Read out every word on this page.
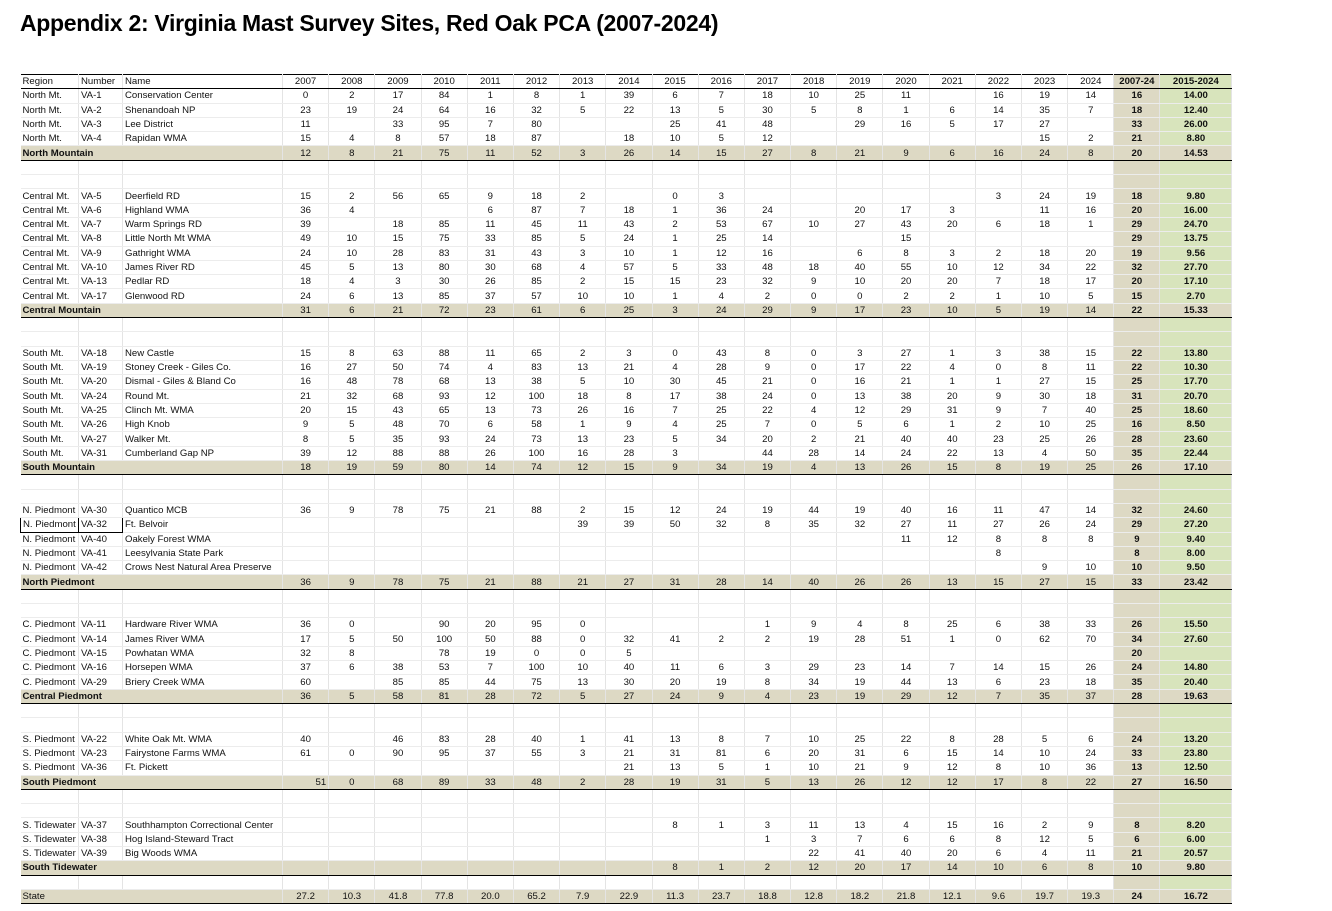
Appendix 2: Virginia Mast Survey Sites, Red Oak PCA (2007-2024)
Region	Number	Name	2007	2008	2009	2010	2011	2012	2013	2014	2015	2016	2017	2018	2019	2020	2021	2022	2023	2024	2007-24	2015-2024
North Mt.	VA-1	Conservation Center	0	2	17	84	1	8	1	39	6	7	18	10	25	11		16	19	14	16	14.00
North Mt.	VA-2	Shenandoah NP	23	19	24	64	16	32	5	22	13	5	30	5	8	1	6	14	35	7	18	12.40
North Mt.	VA-3	Lee District	11		33	95	7	80			25	41	48		29	16	5	17	27		33	26.00
North Mt.	VA-4	Rapidan WMA	15	4	8	57	18	87		18	10	5	12						15	2	21	8.80
North Mountain			12	8	21	75	11	52	3	26	14	15	27	8	21	9	6	16	24	8	20	14.53

Central Mt.	VA-5	Deerfield RD	15	2	56	65	9	18	2		0	3						3	24	19	18	9.80
Central Mt.	VA-6	Highland WMA	36	4			6	87	7	18	1	36	24		20	17	3		11	16	20	16.00
Central Mt.	VA-7	Warm Springs RD	39		18	85	11	45	11	43	2	53	67	10	27	43	20	6	18	1	29	24.70
Central Mt.	VA-8	Little North Mt WMA	49	10	15	75	33	85	5	24	1	25	14			15					29	13.75
Central Mt.	VA-9	Gathright WMA	24	10	28	83	31	43	3	10	1	12	16		6	8	3	2	18	20	19	9.56
Central Mt.	VA-10	James River RD	45	5	13	80	30	68	4	57	5	33	48	18	40	55	10	12	34	22	32	27.70
Central Mt.	VA-13	Pedlar RD	18	4	3	30	26	85	2	15	15	23	32	9	10	20	20	7	18	17	20	17.10
Central Mt.	VA-17	Glenwood RD	24	6	13	85	37	57	10	10	1	4	2	0	0	2	2	1	10	5	15	2.70
Central Mountain			31	6	21	72	23	61	6	25	3	24	29	9	17	23	10	5	19	14	22	15.33

South Mt.	VA-18	New Castle	15	8	63	88	11	65	2	3	0	43	8	0	3	27	1	3	38	15	22	13.80
South Mt.	VA-19	Stoney Creek - Giles Co.	16	27	50	74	4	83	13	21	4	28	9	0	17	22	4	0	8	11	22	10.30
South Mt.	VA-20	Dismal - Giles & Bland Co	16	48	78	68	13	38	5	10	30	45	21	0	16	21	1	1	27	15	25	17.70
South Mt.	VA-24	Round Mt.	21	32	68	93	12	100	18	8	17	38	24	0	13	38	20	9	30	18	31	20.70
South Mt.	VA-25	Clinch Mt. WMA	20	15	43	65	13	73	26	16	7	25	22	4	12	29	31	9	7	40	25	18.60
South Mt.	VA-26	High Knob	9	5	48	70	6	58	1	9	4	25	7	0	5	6	1	2	10	25	16	8.50
South Mt.	VA-27	Walker Mt.	8	5	35	93	24	73	13	23	5	34	20	2	21	40	40	23	25	26	28	23.60
South Mt.	VA-31	Cumberland Gap NP	39	12	88	88	26	100	16	28	3		44	28	14	24	22	13	4	50	35	22.44
South Mountain			18	19	59	80	14	74	12	15	9	34	19	4	13	26	15	8	19	25	26	17.10

N. Piedmont	VA-30	Quantico MCB	36	9	78	75	21	88	2	15	12	24	19	44	19	40	16	11	47	14	32	24.60
N. Piedmont	VA-32	Ft. Belvoir							39	39	50	32	8	35	32	27	11	27	26	24	29	27.20
N. Piedmont	VA-40	Oakely Forest WMA														11	12	8	8	8	9	9.40
N. Piedmont	VA-41	Leesylvania State Park																8			8	8.00
N. Piedmont	VA-42	Crows Nest Natural Area Preserve																	9	10	10	9.50
North Piedmont			36	9	78	75	21	88	21	27	31	28	14	40	26	26	13	15	27	15	33	23.42

C. Piedmont	VA-11	Hardware River WMA	36	0		90	20	95	0				1	9	4	8	25	6	38	33	26	15.50
C. Piedmont	VA-14	James River WMA	17	5	50	100	50	88	0	32	41	2	2	19	28	51	1	0	62	70	34	27.60
C. Piedmont	VA-15	Powhatan WMA	32	8		78	19	0	0	5											20	
C. Piedmont	VA-16	Horsepen WMA	37	6	38	53	7	100	10	40	11	6	3	29	23	14	7	14	15	26	24	14.80
C. Piedmont	VA-29	Briery Creek WMA	60		85	85	44	75	13	30	20	19	8	34	19	44	13	6	23	18	35	20.40
Central Piedmont			36	5	58	81	28	72	5	27	24	9	4	23	19	29	12	7	35	37	28	19.63

S. Piedmont	VA-22	White Oak Mt. WMA	40		46	83	28	40	1	41	13	8	7	10	25	22	8	28	5	6	24	13.20
S. Piedmont	VA-23	Fairystone Farms WMA	61	0	90	95	37	55	3	21	31	81	6	20	31	6	15	14	10	24	33	23.80
S. Piedmont	VA-36	Ft. Pickett								21	13	5	1	10	21	9	12	8	10	36	13	12.50
South Piedmont			51	0	68	89	33	48	2	28	19	31	5	13	26	12	12	17	8	22	27	16.50

S. Tidewater	VA-37	Southhampton Correctional Center									8	1	3	11	13	4	15	16	2	9	8	8.20
S. Tidewater	VA-38	Hog Island-Steward Tract											1	3	7	6	6	8	12	5	6	6.00
S. Tidewater	VA-39	Big Woods WMA												22	41	40	20	6	4	11	21	20.57
South Tidewater											8	1	2	12	20	17	14	10	6	8	10	9.80

State			27.2	10.3	41.8	77.8	20.0	65.2	7.9	22.9	11.3	23.7	18.8	12.8	18.2	21.8	12.1	9.6	19.7	19.3	24	16.72
